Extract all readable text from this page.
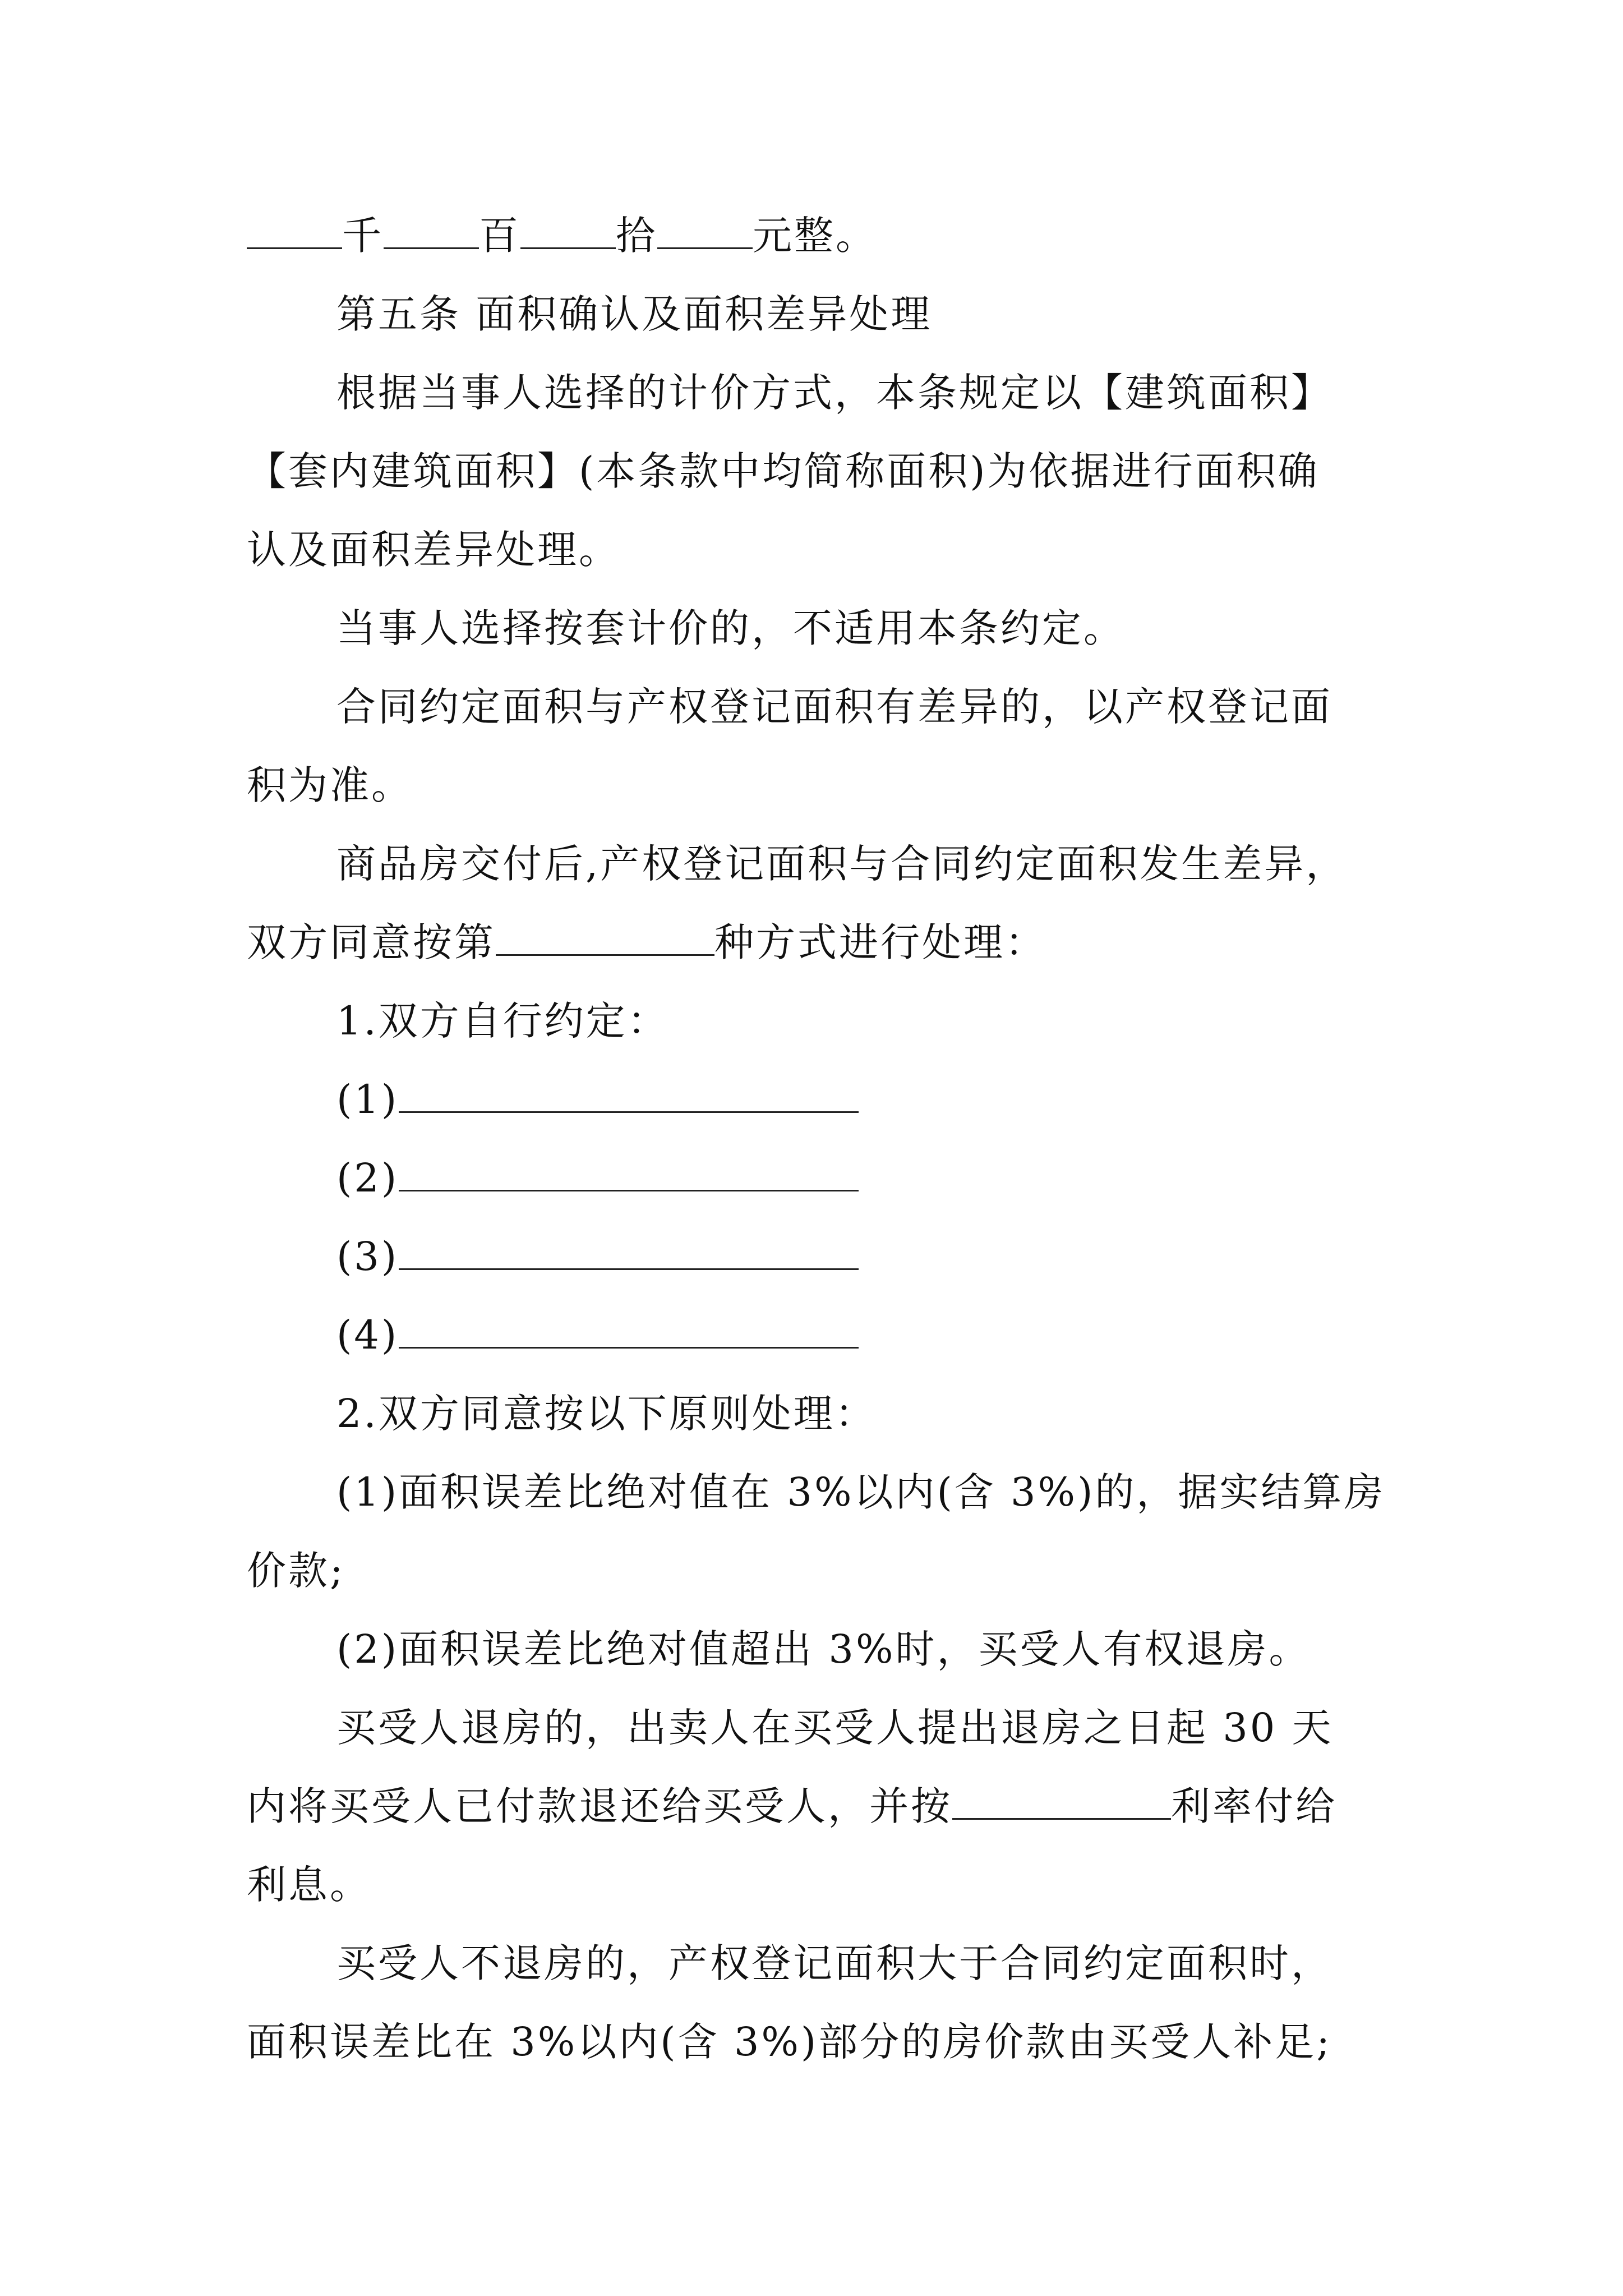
千 百 拾 元整。
第五条 面积确认及面积差异处理
根据当事人选择的计价方式，本条规定以【建筑面积】
【套内建筑面积】(本条款中均简称面积)为依据进行面积确
认及面积差异处理。
当事人选择按套计价的，不适用本条约定。
合同约定面积与产权登记面积有差异的，以产权登记面
积为准。
商品房交付后,产权登记面积与合同约定面积发生差异，
双方同意按第	种方式进行处理：
1.双方自行约定：
(1)
(2)
(3)
(4)
2.双方同意按以下原则处理：
(1)面积误差比绝对值在 3%以内(含 3%)的，据实结算房
价款;
(2)面积误差比绝对值超出 3%时，买受人有权退房。
买受人退房的，出卖人在买受人提出退房之日起 30 天
内将买受人已付款退还给买受人，并按	利率付给
利息。
买受人不退房的，产权登记面积大于合同约定面积时，
面积误差比在 3%以内(含 3%)部分的房价款由买受人补足;
